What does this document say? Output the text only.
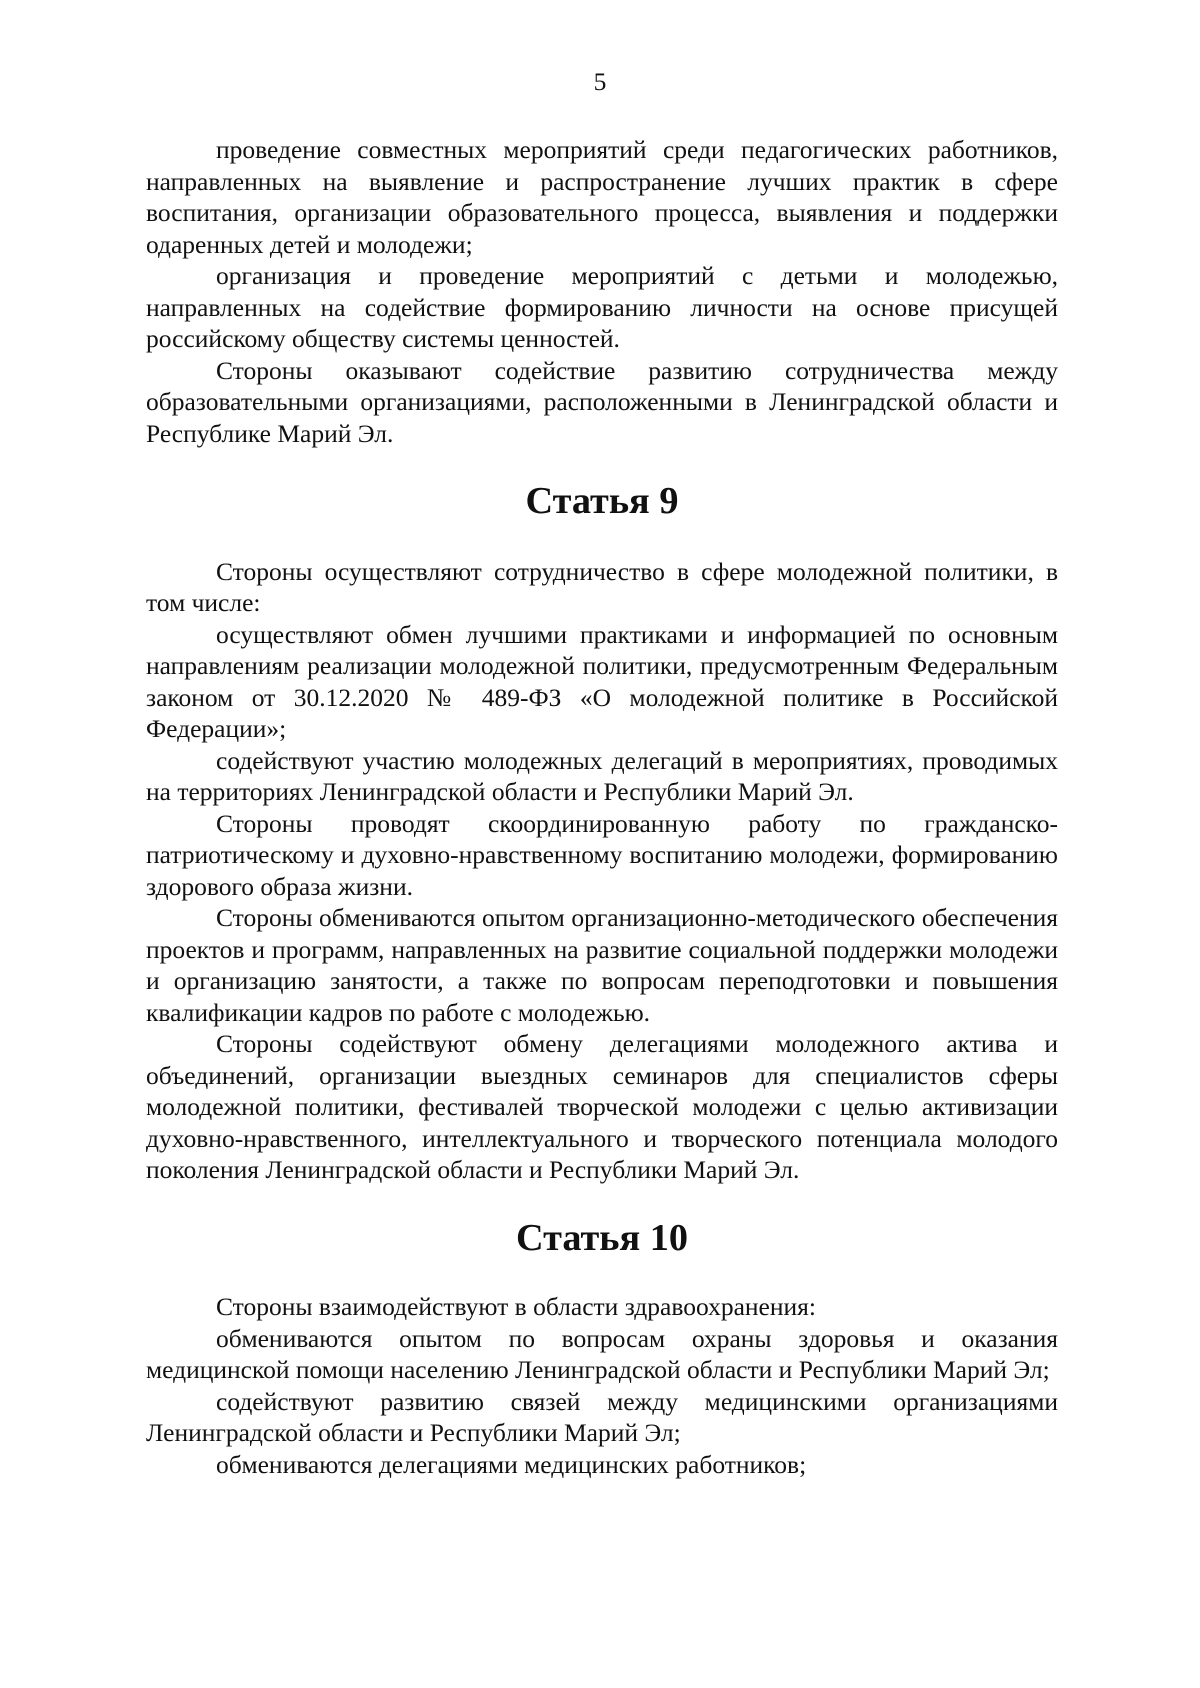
5

проведение совместных мероприятий среди педагогических работников, направленных на выявление и распространение лучших практик в сфере воспитания, организации образовательного процесса, выявления и поддержки одаренных детей и молодежи;

организация и проведение мероприятий с детьми и молодежью, направленных на содействие формированию личности на основе присущей российскому обществу системы ценностей.

Стороны оказывают содействие развитию сотрудничества между образовательными организациями, расположенными в Ленинградской области и Республике Марий Эл.

Статья 9

Стороны осуществляют сотрудничество в сфере молодежной политики, в том числе:

осуществляют обмен лучшими практиками и информацией по основным направлениям реализации молодежной политики, предусмотренным Федеральным законом от 30.12.2020 № 489-ФЗ «О молодежной политике в Российской Федерации»;

содействуют участию молодежных делегаций в мероприятиях, проводимых на территориях Ленинградской области и Республики Марий Эл.

Стороны проводят скоординированную работу по гражданско-патриотическому и духовно-нравственному воспитанию молодежи, формированию здорового образа жизни.

Стороны обмениваются опытом организационно-методического обеспечения проектов и программ, направленных на развитие социальной поддержки молодежи и организацию занятости, а также по вопросам переподготовки и повышения квалификации кадров по работе с молодежью.

Стороны содействуют обмену делегациями молодежного актива и объединений, организации выездных семинаров для специалистов сферы молодежной политики, фестивалей творческой молодежи с целью активизации духовно-нравственного, интеллектуального и творческого потенциала молодого поколения Ленинградской области и Республики Марий Эл.

Статья 10

Стороны взаимодействуют в области здравоохранения:

обмениваются опытом по вопросам охраны здоровья и оказания медицинской помощи населению Ленинградской области и Республики Марий Эл;

содействуют развитию связей между медицинскими организациями Ленинградской области и Республики Марий Эл;

обмениваются делегациями медицинских работников;
